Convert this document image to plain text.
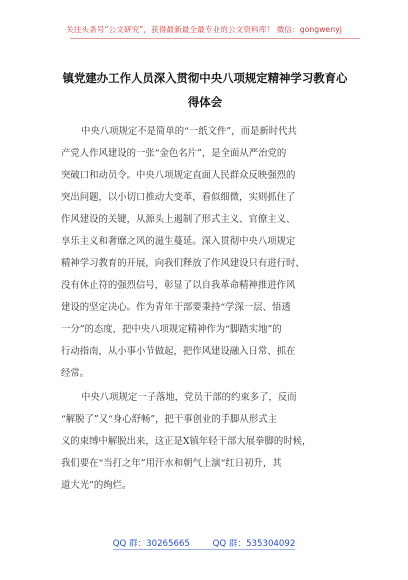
关注头条号“公文研究”，获得最新最全最专业的公文资料库！ 微信：gongwenyj
镇党建办工作人员深入贯彻中央八项规定精神学习教育心
得体会
中央八项规定不是简单的“一纸文件”，而是新时代共
产党人作风建设的一张“金色名片”，是全面从严治党的
突破口和动员令。中央八项规定直面人民群众反映强烈的
突出问题，以小切口推动大变革，看似细微，实则抓住了
作风建设的关键，从源头上遏制了形式主义、官僚主义、
享乐主义和奢靡之风的滋生蔓延。深入贯彻中央八项规定
精神学习教育的开展，向我们释放了作风建设只有进行时、
没有休止符的强烈信号，彰显了以自我革命精神推进作风
建设的坚定决心。作为青年干部要秉持“学深一层、悟透
一分”的态度，把中央八项规定精神作为“脚踏实地”的
行动指南，从小事小节做起，把作风建设融入日常、抓在
经常。
中央八项规定一子落地，党员干部的约束多了，反而
“解脱了”又“身心舒畅”，把干事创业的手脚从形式主
义的束缚中解脱出来，这正是X镇年轻干部大展拳脚的时候，
我们要在“当打之年”用汗水和朝气上演“红日初升，其
道大光”的绚烂。
QQ 群：30265665	QQ 群：535304092
